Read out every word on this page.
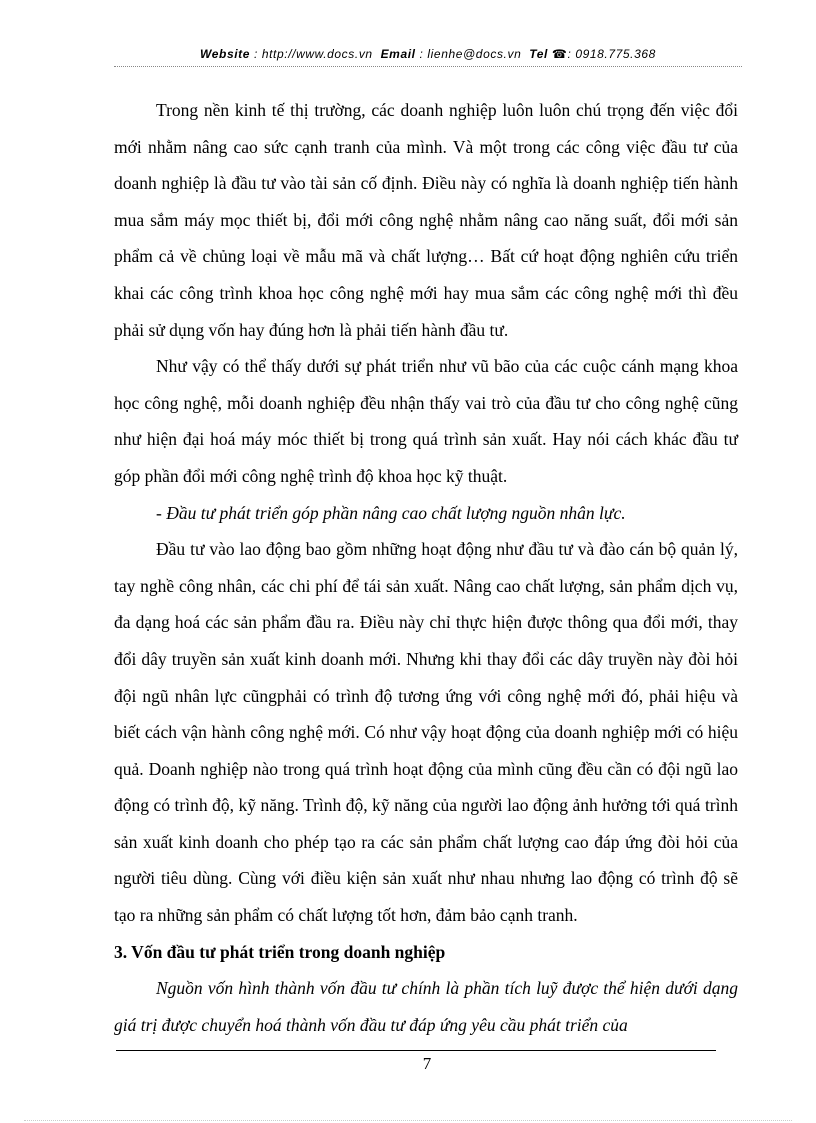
Website : http://www.docs.vn Email : lienhe@docs.vn Tel ☎: 0918.775.368

Trong nền kinh tế thị trường, các doanh nghiệp luôn luôn chú trọng đến việc đổi mới nhằm nâng cao sức cạnh tranh của mình. Và một trong các công việc đầu tư của doanh nghiệp là đầu tư vào tài sản cố định. Điều này có nghĩa là doanh nghiệp tiến hành mua sắm máy mọc thiết bị, đổi mới công nghệ nhằm nâng cao năng suất, đổi mới sản phẩm cả về chủng loại về mẫu mã và chất lượng… Bất cứ hoạt động nghiên cứu triển khai các công trình khoa học công nghệ mới hay mua sắm các công nghệ mới thì đều phải sử dụng vốn hay đúng hơn là phải tiến hành đầu tư.

Như vậy có thể thấy dưới sự phát triển như vũ bão của các cuộc cánh mạng khoa học công nghệ, mỗi doanh nghiệp đều nhận thấy vai trò của đầu tư cho công nghệ cũng như hiện đại hoá máy móc thiết bị trong quá trình sản xuất. Hay nói cách khác đầu tư góp phần đổi mới công nghệ trình độ khoa học kỹ thuật.

- Đầu tư phát triển góp phần nâng cao chất lượng nguồn nhân lực.

Đầu tư vào lao động bao gồm những hoạt động như đầu tư và đào cán bộ quản lý, tay nghề công nhân, các chi phí để tái sản xuất. Nâng cao chất lượng, sản phẩm dịch vụ, đa dạng hoá các sản phẩm đầu ra. Điều này chỉ thực hiện được thông qua đổi mới, thay đổi dây truyền sản xuất kinh doanh mới. Nhưng khi thay đổi các dây truyền này đòi hỏi đội ngũ nhân lực cũngphải có trình độ tương ứng với công nghệ mới đó, phải hiệu và biết cách vận hành công nghệ mới. Có như vậy hoạt động của doanh nghiệp mới có hiệu quả. Doanh nghiệp nào trong quá trình hoạt động của mình cũng đều cần có đội ngũ lao động có trình độ, kỹ năng. Trình độ, kỹ năng của người lao động ảnh hưởng tới quá trình sản xuất kinh doanh cho phép tạo ra các sản phẩm chất lượng cao đáp ứng đòi hỏi của người tiêu dùng. Cùng với điều kiện sản xuất như nhau nhưng lao động có trình độ sẽ tạo ra những sản phẩm có chất lượng tốt hơn, đảm bảo cạnh tranh.

3. Vốn đầu tư phát triển trong doanh nghiệp

Nguồn vốn hình thành vốn đầu tư chính là phần tích luỹ được thể hiện dưới dạng giá trị được chuyển hoá thành vốn đầu tư đáp ứng yêu cầu phát triển của

7
